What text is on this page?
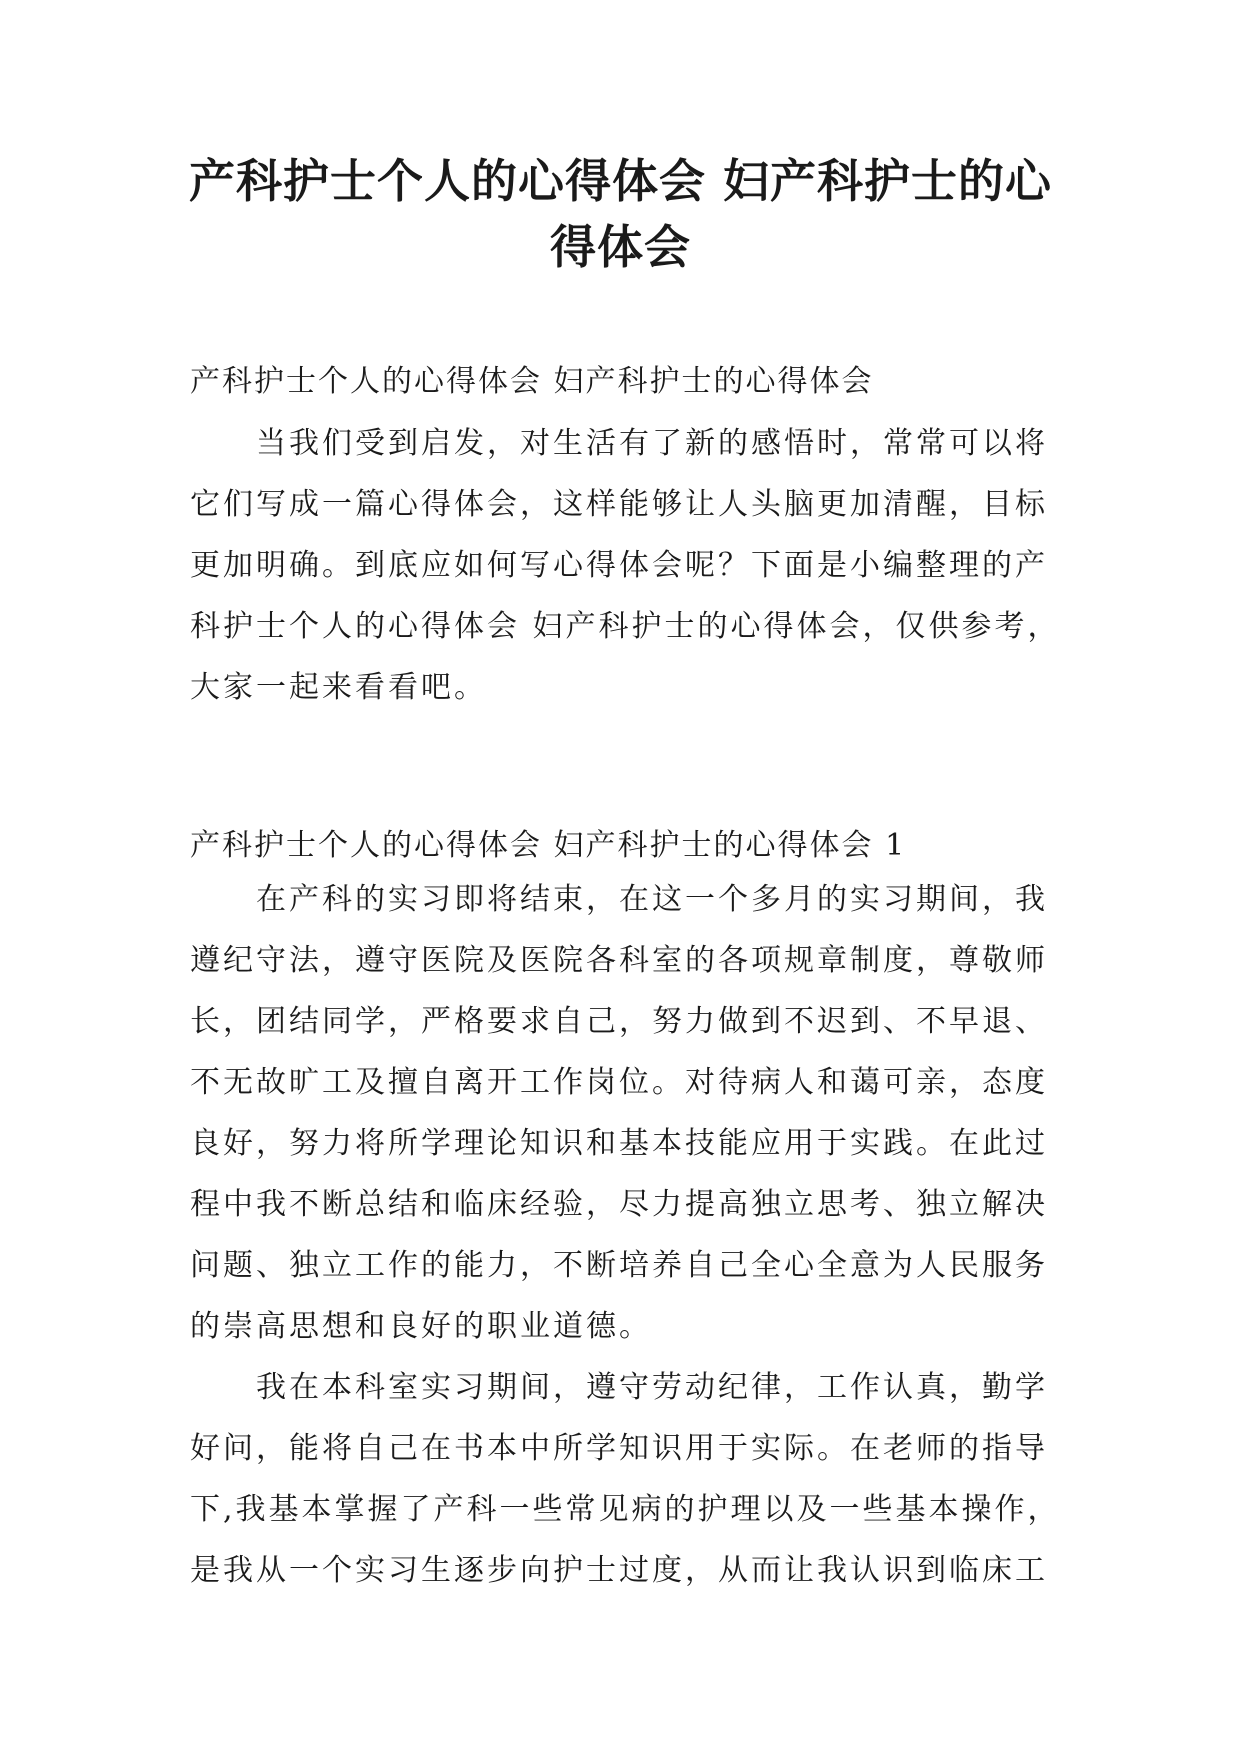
产科护士个人的心得体会 妇产科护士的心
得体会

产科护士个人的心得体会 妇产科护士的心得体会

当我们受到启发，对生活有了新的感悟时，常常可以将
它们写成一篇心得体会，这样能够让人头脑更加清醒，目标
更加明确。到底应如何写心得体会呢？下面是小编整理的产
科护士个人的心得体会 妇产科护士的心得体会，仅供参考，
大家一起来看看吧。

产科护士个人的心得体会 妇产科护士的心得体会 1

在产科的实习即将结束，在这一个多月的实习期间，我
遵纪守法，遵守医院及医院各科室的各项规章制度，尊敬师
长，团结同学，严格要求自己，努力做到不迟到、不早退、
不无故旷工及擅自离开工作岗位。对待病人和蔼可亲，态度
良好，努力将所学理论知识和基本技能应用于实践。在此过
程中我不断总结和临床经验，尽力提高独立思考、独立解决
问题、独立工作的能力，不断培养自己全心全意为人民服务
的崇高思想和良好的职业道德。
我在本科室实习期间，遵守劳动纪律，工作认真，勤学
好问，能将自己在书本中所学知识用于实际。在老师的指导
下,我基本掌握了产科一些常见病的护理以及一些基本操作，
是我从一个实习生逐步向护士过度，从而让我认识到临床工
